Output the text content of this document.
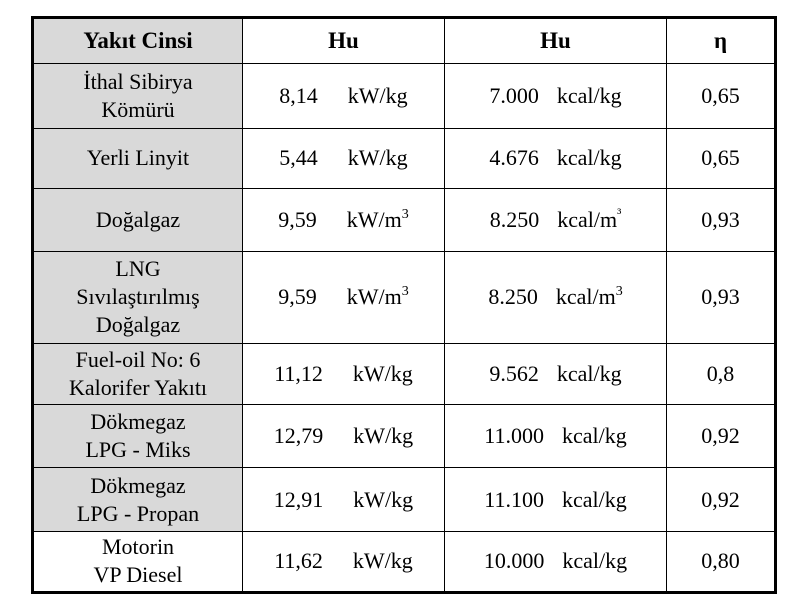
Yakıt Cinsi	Hu	Hu	η

İthal Sibirya
Kömürü	8,14 kW/kg	7.000 kcal/kg	0,65

Yerli Linyit	5,44 kW/kg	4.676 kcal/kg	0,65

Doğalgaz	9,59 $kW/m^3$	8.250 kcal/$m^{^3}$	0,93

LNG
Sıvılaştırılmış
Doğalgaz	9,59 $kW/m^3$	8.250 kcal/$m^3$	0,93

Fuel-oil No: 6
Kalorifer Yakıtı	11,12 kW/kg	9.562 kcal/kg	0,8

Dökmegaz
LPG - Miks	12,79 kW/kg	11.000 kcal/kg	0,92

Dökmegaz
LPG - Propan	12,91 kW/kg	11.100 kcal/kg	0,92

Motorin
VP Diesel	11,62 kW/kg	10.000 kcal/kg	0,80
